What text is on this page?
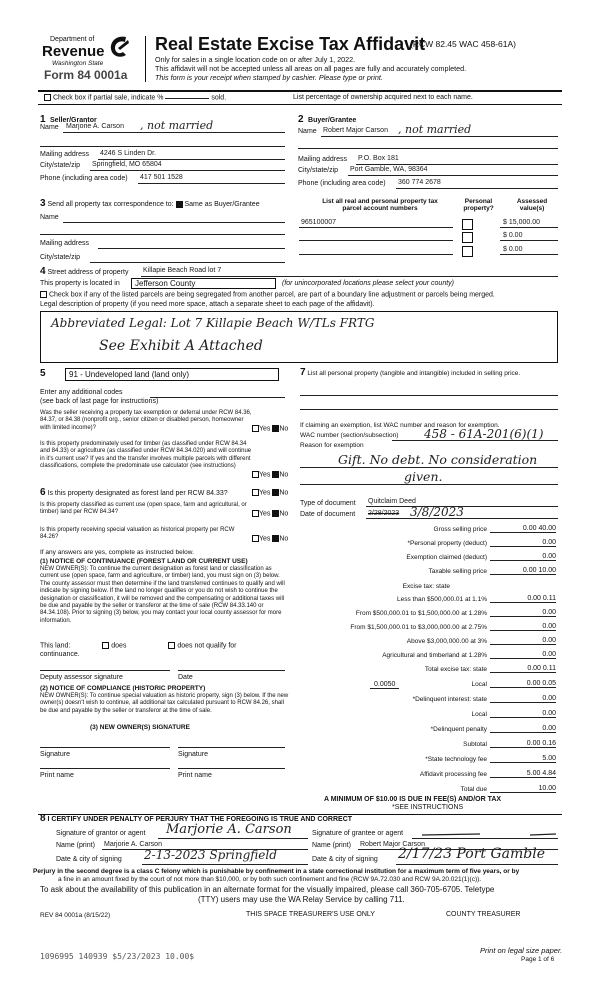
Department of
Revenue
Washington State
Form 84 0001a
Real Estate Excise Tax Affidavit
(RCW 82.45 WAC 458-61A)
Only for sales in a single location code on or after July 1, 2022.
This affidavit will not be accepted unless all areas on all pages are fully and accurately completed.
This form is your receipt when stamped by cashier. Please type or print.
Check box if partial sale, indicate %	sold.	List percentage of ownership acquired next to each name.
1 Seller/Grantor
Name Marjorie A. Carson , not married
Mailing address 4246 S Linden Dr.
City/state/zip Springfield, MO 65804
Phone (including area code) 417 501 1528
2 Buyer/Grantee
Name Robert Major Carson , not married
Mailing address P.O. Box 181
City/state/zip Port Gamble, WA, 98364
Phone (including area code) 360 774 2678
3 Send all property tax correspondence to: Same as Buyer/Grantee
Name
Mailing address
City/state/zip
List all real and personal property tax
parcel account numbers
Personal
property?
Assessed
value(s)
965100007	$ 15,000.00
$ 0.00
$ 0.00
4 Street address of property Killapie Beach Road lot 7
This property is located in	Jefferson County	(for unincorporated locations please select your county)
Check box if any of the listed parcels are being segregated from another parcel, are part of a boundary line adjustment or parcels being merged.
Legal description of property (if you need more space, attach a separate sheet to each page of the affidavit).
Abbreviated Legal: Lot 7 Killapie Beach W/TLs FRTG
See Exhibit A Attached
5	91 - Undeveloped land (land only)
Enter any additional codes
(see back of last page for instructions)
Was the seller receiving a property tax exemption or deferral under RCW 84.36, 84.37, or 84.38 (nonprofit org., senior citizen or disabled person, homeowner with limited income)?	Yes No
Is this property predominately used for timber (as classified under RCW 84.34 and 84.33) or agriculture (as classified under RCW 84.34.020) and will continue in it's current use? If yes and the transfer involves multiple parcels with different classifications, complete the predominate use calculator (see instructions)
Yes No
6 Is this property designated as forest land per RCW 84.33?	Yes No
Is this property classified as current use (open space, farm and agricultural, or timber) land per RCW 84.34?	Yes No
Is this property receiving special valuation as historical property per RCW 84.26?	Yes No
If any answers are yes, complete as instructed below.
(1) NOTICE OF CONTINUANCE (FOREST LAND OR CURRENT USE)
NEW OWNER(S): To continue the current designation as forest land or classification as current use (open space, farm and agriculture, or timber) land, you must sign on (3) below. The county assessor must then determine if the land transferred continues to qualify and will indicate by signing below. If the land no longer qualifies or you do not wish to continue the designation or classification, it will be removed and the compensating or additional taxes will be due and payable by the seller or transferor at the time of sale (RCW 84.33.140 or 84.34.108). Prior to signing (3) below, you may contact your local county assessor for more information.
This land:	does	does not qualify for
continuance.
Deputy assessor signature	Date
(2) NOTICE OF COMPLIANCE (HISTORIC PROPERTY)
NEW OWNER(S): To continue special valuation as historic property, sign (3) below. If the new owner(s) doesn't wish to continue, all additional tax calculated pursuant to RCW 84.26, shall be due and payable by the seller or transferor at the time of sale.
(3) NEW OWNER(S) SIGNATURE
Signature	Signature
Print name	Print name
7 List all personal property (tangible and intangible) included in selling price.
If claiming an exemption, list WAC number and reason for exemption.
WAC number (section/subsection) 458 - 61A-201(6)(1)
Reason for exemption
Gift. No debt. No consideration
given.
Type of document Quitclaim Deed
Date of document 2/28/2023 3/8/2023
Gross selling price	0.00 40.00
*Personal property (deduct)	0.00
Exemption claimed (deduct)	0.00
Taxable selling price	0.00 10.00
Excise tax: state
Less than $500,000.01 at 1.1%	0.00 0.11
From $500,000.01 to $1,500,000.00 at 1.28%	0.00
From $1,500,000.01 to $3,000,000.00 at 2.75%	0.00
Above $3,000,000.00 at 3%	0.00
Agricultural and timberland at 1.28%	0.00
Total excise tax: state	0.00 0.11
0.0050	Local	0.00 0.05
*Delinquent interest: state	0.00
Local	0.00
*Delinquent penalty	0.00
Subtotal	0.00 0.16
*State technology fee	5.00
Affidavit processing fee	5.00 4.84
Total due	10.00
A MINIMUM OF $10.00 IS DUE IN FEE(S) AND/OR TAX
*SEE INSTRUCTIONS
8 I CERTIFY UNDER PENALTY OF PERJURY THAT THE FOREGOING IS TRUE AND CORRECT
Signature of grantor or agent Marjorie A. Carson	Signature of grantee or agent
Name (print) Marjorie A. Carson	Name (print) Robert Major Carson
Date & city of signing 2-13-2023 Springfield	Date & city of signing 2/17/23 Port Gamble
Perjury in the second degree is a class C felony which is punishable by confinement in a state correctional institution for a maximum term of five years, or by
a fine in an amount fixed by the court of not more than $10,000, or by both such confinement and fine (RCW 9A.72.030 and RCW 9A.20.021(1)(c)).
To ask about the availability of this publication in an alternate format for the visually impaired, please call 360-705-6705. Teletype
(TTY) users may use the WA Relay Service by calling 711.
REV 84 0001a (8/15/22)	THIS SPACE TREASURER'S USE ONLY	COUNTY TREASURER
1096995 140939 $5/23/2023 10.00$
Print on legal size paper.
Page 1 of 6
